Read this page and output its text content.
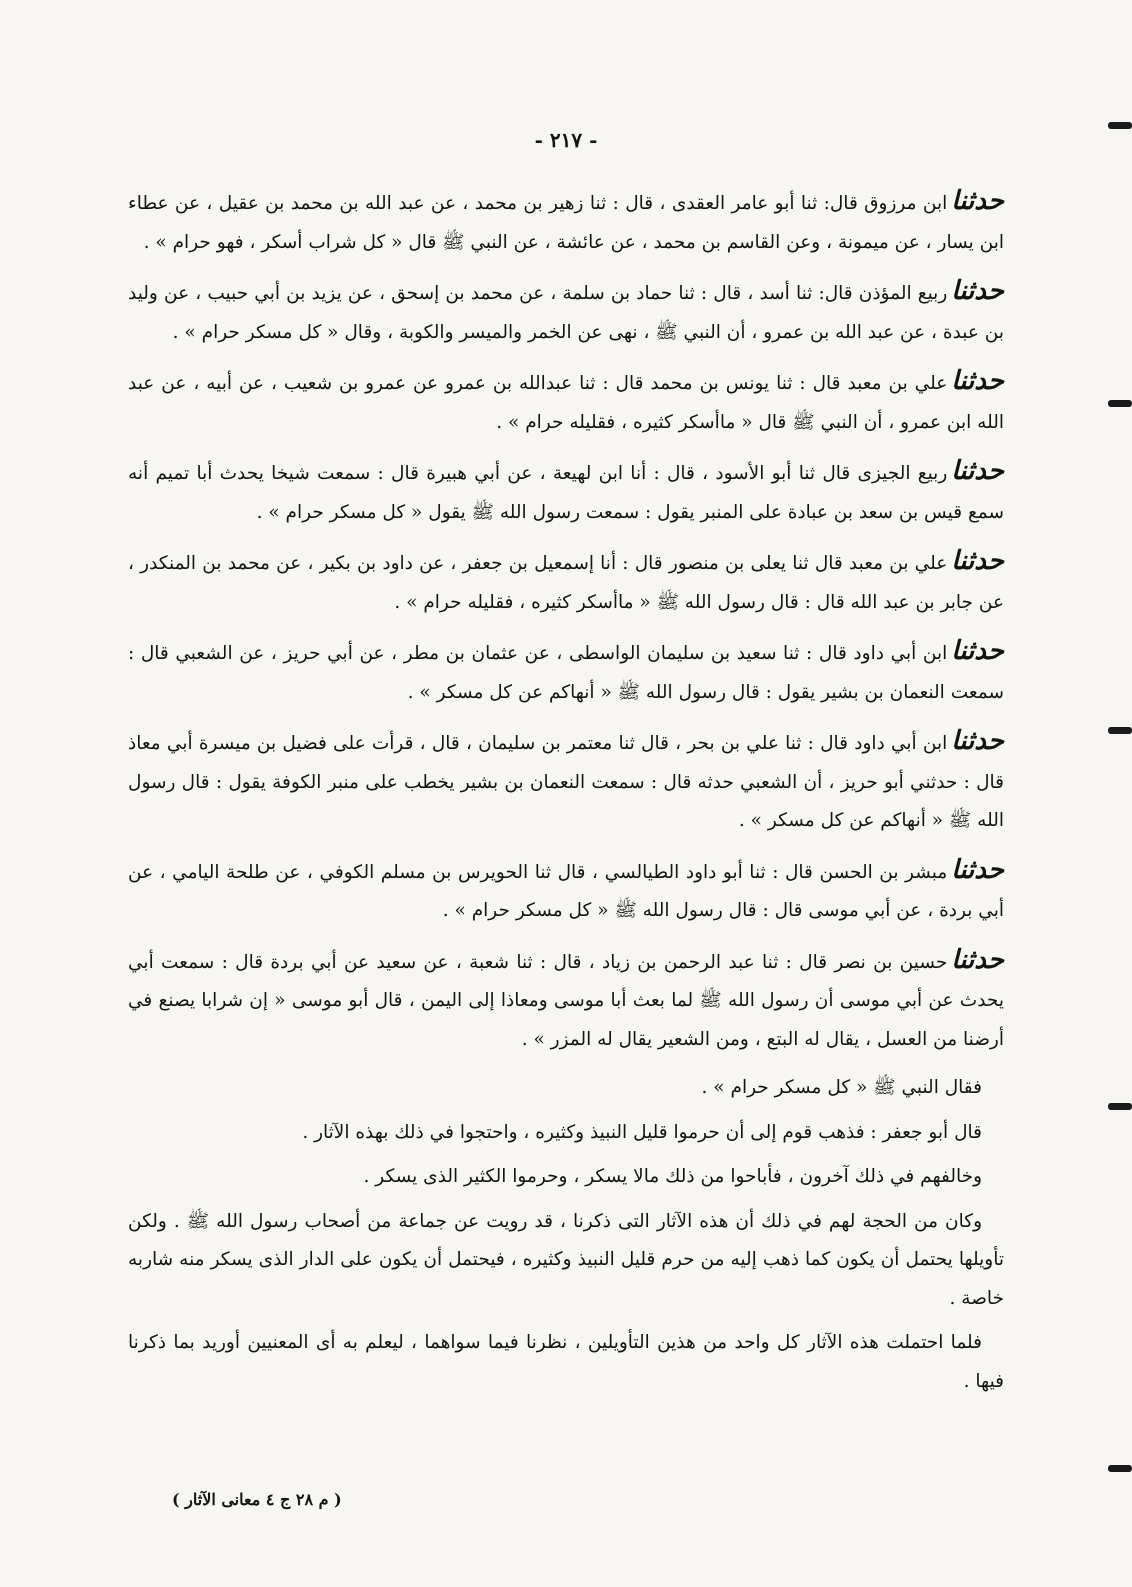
- ٢١٧ -

حدثناابن مرزوق قال: ثنا أبو عامر العقدى ، قال : ثنا زهير بن محمد ، عن عبد الله بن محمد بن عقيل ، عن عطاء ابن يسار ، عن ميمونة ، وعن القاسم بن محمد ، عن عائشة ، عن النبي ﷺ قال « كل شراب أسكر ، فهو حرام » .

حدثناربيع المؤذن قال: ثنا أسد ، قال : ثنا حماد بن سلمة ، عن محمد بن إسحق ، عن يزيد بن أبي حبيب ، عن وليد بن عبدة ، عن عبد الله بن عمرو ، أن النبي ﷺ ، نهى عن الخمر والميسر والكوبة ، وقال « كل مسكر حرام » .

حدثناعلي بن معبد قال : ثنا يونس بن محمد قال : ثنا عبدالله بن عمرو عن عمرو بن شعيب ، عن أبيه ، عن عبد الله ابن عمرو ، أن النبي ﷺ قال « ماأسكر كثيره ، فقليله حرام » .

حدثناربيع الجيزى قال ثنا أبو الأسود ، قال : أنا ابن لهيعة ، عن أبي هبيرة قال : سمعت شيخا يحدث أبا تميم أنه سمع قيس بن سعد بن عبادة على المنبر يقول : سمعت رسول الله ﷺ يقول « كل مسكر حرام » .

حدثناعلي بن معبد قال ثنا يعلى بن منصور قال : أنا إسمعيل بن جعفر ، عن داود بن بكير ، عن محمد بن المنكدر ، عن جابر بن عبد الله قال : قال رسول الله ﷺ « ماأسكر كثيره ، فقليله حرام » .

حدثناابن أبي داود قال : ثنا سعيد بن سليمان الواسطى ، عن عثمان بن مطر ، عن أبي حريز ، عن الشعبي قال : سمعت النعمان بن بشير يقول : قال رسول الله ﷺ « أنهاكم عن كل مسكر » .

حدثناابن أبي داود قال : ثنا علي بن بحر ، قال ثنا معتمر بن سليمان ، قال ، قرأت على فضيل بن ميسرة أبي معاذ قال : حدثني أبو حريز ، أن الشعبي حدثه قال : سمعت النعمان بن بشير يخطب على منبر الكوفة يقول : قال رسول الله ﷺ « أنهاكم عن كل مسكر » .

حدثنامبشر بن الحسن قال : ثنا أبو داود الطيالسي ، قال ثنا الحويرس بن مسلم الكوفي ، عن طلحة اليامي ، عن أبي بردة ، عن أبي موسى قال : قال رسول الله ﷺ « كل مسكر حرام » .

حدثناحسين بن نصر قال : ثنا عبد الرحمن بن زياد ، قال : ثنا شعبة ، عن سعيد عن أبي بردة قال : سمعت أبي يحدث عن أبي موسى أن رسول الله ﷺ لما بعث أبا موسى ومعاذا إلى اليمن ، قال أبو موسى « إن شرابا يصنع في أرضنا من العسل ، يقال له البتع ، ومن الشعير يقال له المزر » .

فقال النبي ﷺ « كل مسكر حرام » .

قال أبو جعفر : فذهب قوم إلى أن حرموا قليل النبيذ وكثيره ، واحتجوا في ذلك بهذه الآثار .

وخالفهم في ذلك آخرون ، فأباحوا من ذلك مالا يسكر ، وحرموا الكثير الذى يسكر .

وكان من الحجة لهم في ذلك أن هذه الآثار التى ذكرنا ، قد رويت عن جماعة من أصحاب رسول الله ﷺ . ولكن تأويلها يحتمل أن يكون كما ذهب إليه من حرم قليل النبيذ وكثيره ، فيحتمل أن يكون على الدار الذى يسكر منه شاربه خاصة .

فلما احتملت هذه الآثار كل واحد من هذين التأويلين ، نظرنا فيما سواهما ، ليعلم به أى المعنيين أوريد بما ذكرنا فيها .

( م ٢٨ ج ٤ معانى الآثار )
